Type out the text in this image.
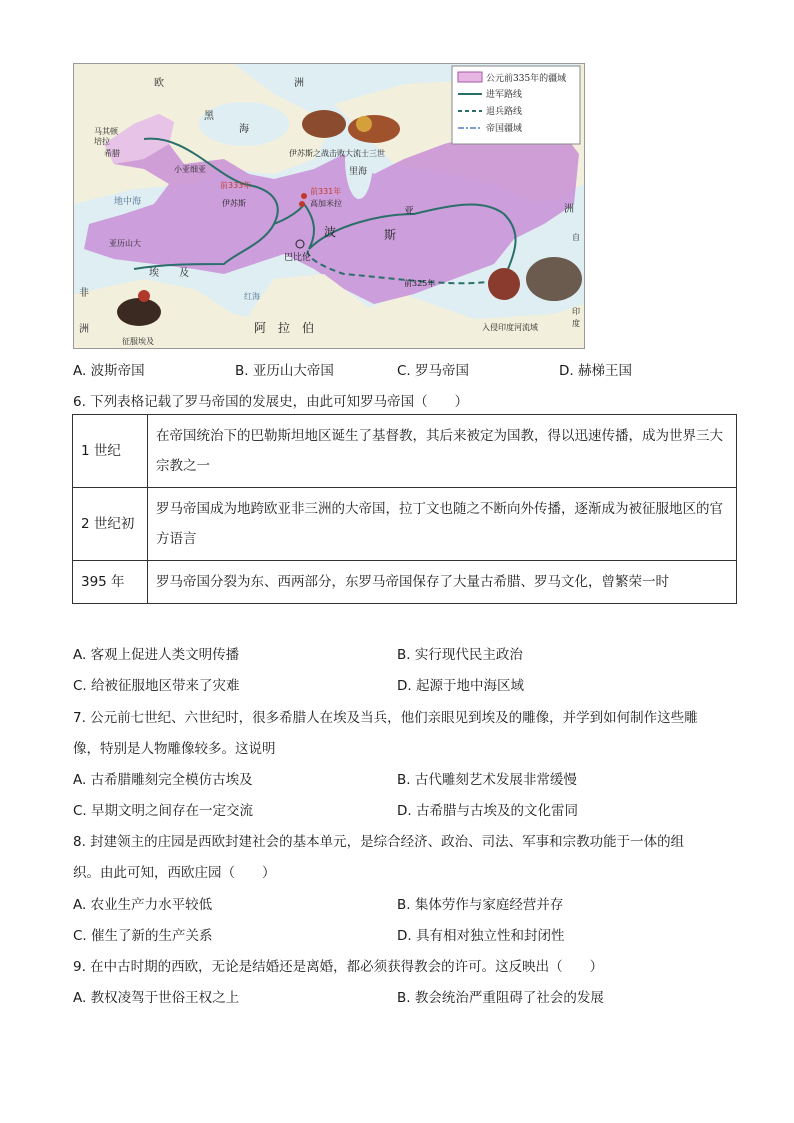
公元前335年的疆域
进军路线
退兵路线
帝国疆域
欧	洲
马其顿
培拉
希腊
小亚细亚
黑
海
里海
前333年
伊苏斯
前331年
高加米拉
巴比伦
亚历山大
埃 及
波	斯
亚	洲
非
洲	阿　拉　伯
前325年
地中海
红海
伊苏斯之战击败大流士三世
征服埃及
入侵印度河流域
自
印
度
A. 波斯帝国	B. 亚历山大帝国	C. 罗马帝国	D. 赫梯王国
6. 下列表格记载了罗马帝国的发展史，由此可知罗马帝国（　　）
1 世纪	在帝国统治下的巴勒斯坦地区诞生了基督教，其后来被定为国教，得以迅速传播，成为世界三大宗教之一
2 世纪初	罗马帝国成为地跨欧亚非三洲的大帝国，拉丁文也随之不断向外传播，逐渐成为被征服地区的官方语言
395 年	罗马帝国分裂为东、西两部分，东罗马帝国保存了大量古希腊、罗马文化，曾繁荣一时
A. 客观上促进人类文明传播	B. 实行现代民主政治
C. 给被征服地区带来了灾难	D. 起源于地中海区域
7. 公元前七世纪、六世纪时，很多希腊人在埃及当兵，他们亲眼见到埃及的雕像，并学到如何制作这些雕
像，特别是人物雕像较多。这说明
A. 古希腊雕刻完全模仿古埃及	B. 古代雕刻艺术发展非常缓慢
C. 早期文明之间存在一定交流	D. 古希腊与古埃及的文化雷同
8. 封建领主的庄园是西欧封建社会的基本单元，是综合经济、政治、司法、军事和宗教功能于一体的组
织。由此可知，西欧庄园（　　）
A. 农业生产力水平较低	B. 集体劳作与家庭经营并存
C. 催生了新的生产关系	D. 具有相对独立性和封闭性
9. 在中古时期的西欧，无论是结婚还是离婚，都必须获得教会的许可。这反映出（　　）
A. 教权凌驾于世俗王权之上	B. 教会统治严重阻碍了社会的发展
